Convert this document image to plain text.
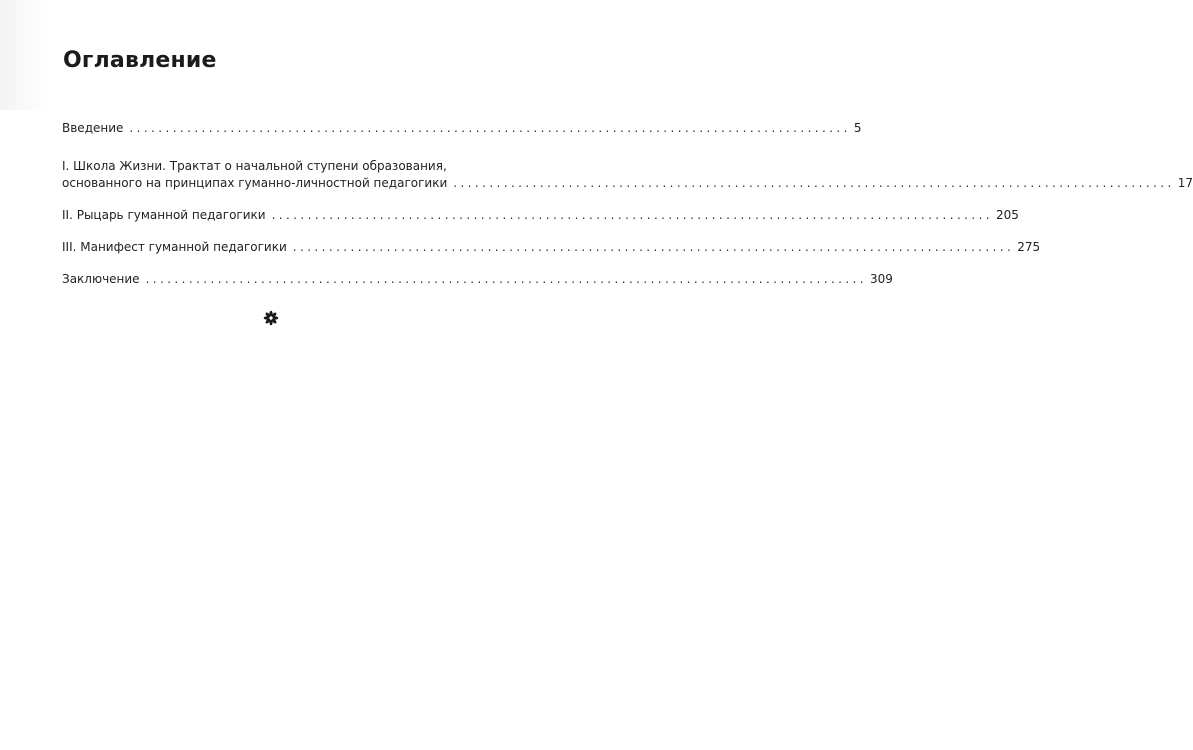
Оглавление
Введение .................................................................................................... 5
I. Школа Жизни. Трактат о начальной ступени образования,
основанного на принципах гуманно-личностной педагогики .................................................................................................... 17
II. Рыцарь гуманной педагогики .................................................................................................... 205
III. Манифест гуманной педагогики .................................................................................................... 275
Заключение .................................................................................................... 309
